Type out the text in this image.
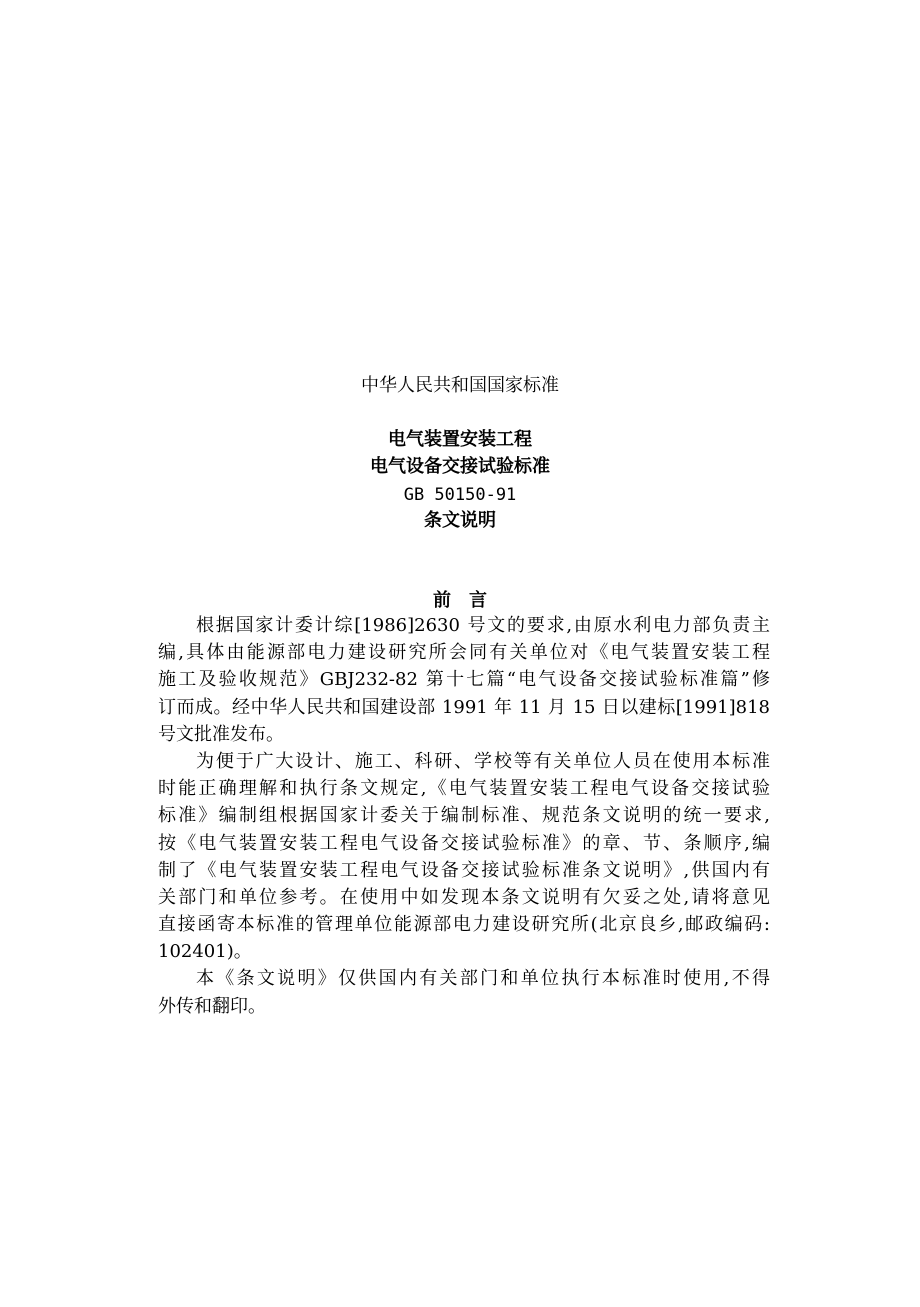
中华人民共和国国家标准
电气装置安装工程
电气设备交接试验标准
GB 50150-91
条文说明
前　言
根据国家计委计综[1986]2630 号文的要求,由原水利电力部负责主
编,具体由能源部电力建设研究所会同有关单位对《电气装置安装工程
施工及验收规范》GBJ232-82 第十七篇“电气设备交接试验标准篇”修
订而成。经中华人民共和国建设部 1991 年 11 月 15 日以建标[1991]818
号文批准发布。
为便于广大设计、施工、科研、学校等有关单位人员在使用本标准
时能正确理解和执行条文规定,《电气装置安装工程电气设备交接试验
标准》编制组根据国家计委关于编制标准、规范条文说明的统一要求,
按《电气装置安装工程电气设备交接试验标准》的章、节、条顺序,编
制了《电气装置安装工程电气设备交接试验标准条文说明》,供国内有
关部门和单位参考。在使用中如发现本条文说明有欠妥之处,请将意见
直接函寄本标准的管理单位能源部电力建设研究所(北京良乡,邮政编码:
102401)。
本《条文说明》仅供国内有关部门和单位执行本标准时使用,不得
外传和翻印。
